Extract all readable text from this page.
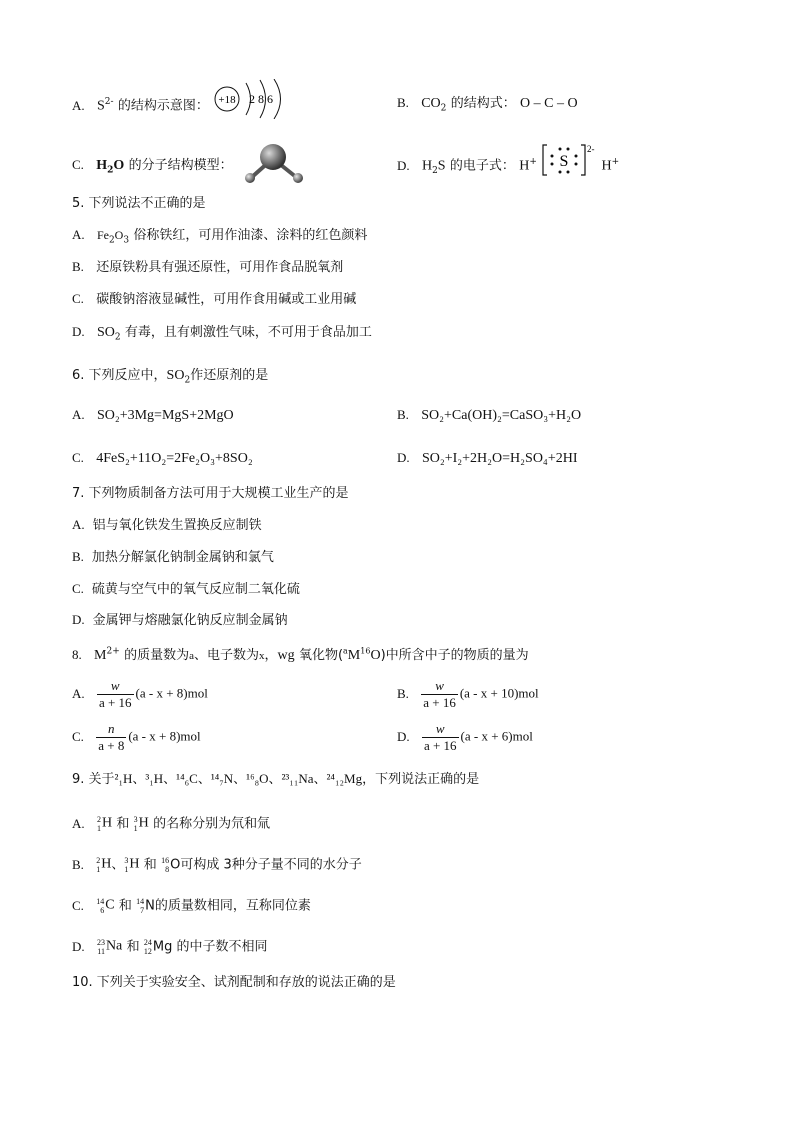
A. $S^{2-}$ 的结构示意图： +18 2 8 6	B. $CO_2$ 的结构式： O – C – O
C. $H_2O$ 的分子结构模型：	D. $H_2S$ 的电子式： H+ S
2-
H+
5. 下列说法不正确的是
A. $Fe_2O_3$ 俗称铁红，可用作油漆、涂料的红色颜料
B. 还原铁粉具有强还原性，可用作食品脱氧剂
C. 碳酸钠溶液显碱性，可用作食用碱或工业用碱
D. $SO_2$ 有毒，且有刺激性气味，不可用于食品加工
6. 下列反应中，$SO_2$作还原剂的是
A. SO₂+3Mg=MgS+2MgO	B. SO₂+Ca(OH)₂=CaSO₃+H₂O
C. 4FeS₂+11O₂=2Fe₂O₃+8SO₂	D. SO₂+I₂+2H₂O=H₂SO₄+2HI
7. 下列物质制备方法可用于大规模工业生产的是
A. 铝与氧化铁发生置换反应制铁
B. 加热分解氯化钠制金属钠和氯气
C. 硫黄与空气中的氧气反应制二氧化硫
D. 金属钾与熔融氯化钠反应制金属钠
8. $M^{2+}$ 的质量数为a、电子数为x，wg 氧化物$(^aM^{16}O)$中所含中子的物质的量为
A. $\frac{w}{a + 16} (a - x + 8)mol$	B. $\frac{w}{a + 16} (a - x + 10)mol$
C. $\frac{n}{a + 8} (a - x + 8)mol$	D. $\frac{w}{a + 16} (a - x + 6)mol$
9. 关于²₁H、³₁H、¹⁴₆C、¹⁴₇N、¹⁶₈O、²³₁₁Na、²⁴₁₂Mg，下列说法正确的是
A. 2
1H 和 3
1H 的名称分别为氘和氚
B. 2
1H、3
1H 和 16
8O可构成 3种分子量不同的水分子
C. 14
6C 和 14
7N的质量数相同，互称同位素
D. 23
11Na 和 24
12Mg 的中子数不相同
10. 下列关于实验安全、试剂配制和存放的说法正确的是
